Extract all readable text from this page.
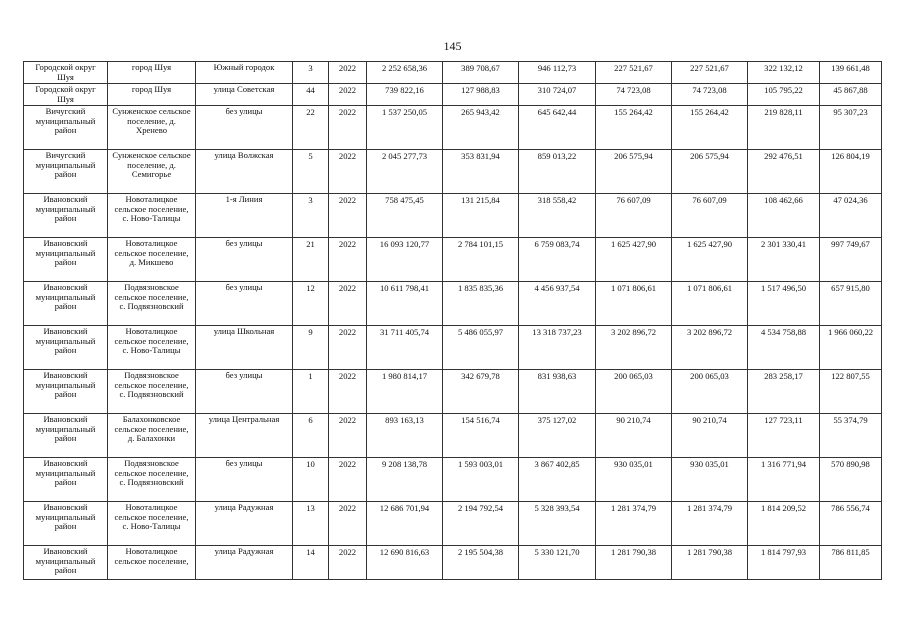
145
Городской округ Шуя	город Шуя	Южный городок	3	2022	2 252 658,36	389 708,67	946 112,73	227 521,67	227 521,67	322 132,12	139 661,48
Городской округ Шуя	город Шуя	улица Советская	44	2022	739 822,16	127 988,83	310 724,07	74 723,08	74 723,08	105 795,22	45 867,88
Вичугский муниципальный район	Сунженское сельское поселение, д. Хренево	без улицы	22	2022	1 537 250,05	265 943,42	645 642,44	155 264,42	155 264,42	219 828,11	95 307,23
Вичугский муниципальный район	Сунженское сельское поселение, д. Семигорье	улица Волжская	5	2022	2 045 277,73	353 831,94	859 013,22	206 575,94	206 575,94	292 476,51	126 804,19
Ивановский муниципальный район	Новоталицкое сельское поселение, с. Ново-Талицы	1-я Линия	3	2022	758 475,45	131 215,84	318 558,42	76 607,09	76 607,09	108 462,66	47 024,36
Ивановский муниципальный район	Новоталицкое сельское поселение, д. Микшево	без улицы	21	2022	16 093 120,77	2 784 101,15	6 759 083,74	1 625 427,90	1 625 427,90	2 301 330,41	997 749,67
Ивановский муниципальный район	Подвязновское сельское поселение, с. Подвязновский	без улицы	12	2022	10 611 798,41	1 835 835,36	4 456 937,54	1 071 806,61	1 071 806,61	1 517 496,50	657 915,80
Ивановский муниципальный район	Новоталицкое сельское поселение, с. Ново-Талицы	улица Школьная	9	2022	31 711 405,74	5 486 055,97	13 318 737,23	3 202 896,72	3 202 896,72	4 534 758,88	1 966 060,22
Ивановский муниципальный район	Подвязновское сельское поселение, с. Подвязновский	без улицы	1	2022	1 980 814,17	342 679,78	831 938,63	200 065,03	200 065,03	283 258,17	122 807,55
Ивановский муниципальный район	Балахонковское сельское поселение, д. Балахонки	улица Центральная	6	2022	893 163,13	154 516,74	375 127,02	90 210,74	90 210,74	127 723,11	55 374,79
Ивановский муниципальный район	Подвязновское сельское поселение, с. Подвязновский	без улицы	10	2022	9 208 138,78	1 593 003,01	3 867 402,85	930 035,01	930 035,01	1 316 771,94	570 890,98
Ивановский муниципальный район	Новоталицкое сельское поселение, с. Ново-Талицы	улица Радужная	13	2022	12 686 701,94	2 194 792,54	5 328 393,54	1 281 374,79	1 281 374,79	1 814 209,52	786 556,74
Ивановский муниципальный район	Новоталицкое сельское поселение,	улица Радужная	14	2022	12 690 816,63	2 195 504,38	5 330 121,70	1 281 790,38	1 281 790,38	1 814 797,93	786 811,85
